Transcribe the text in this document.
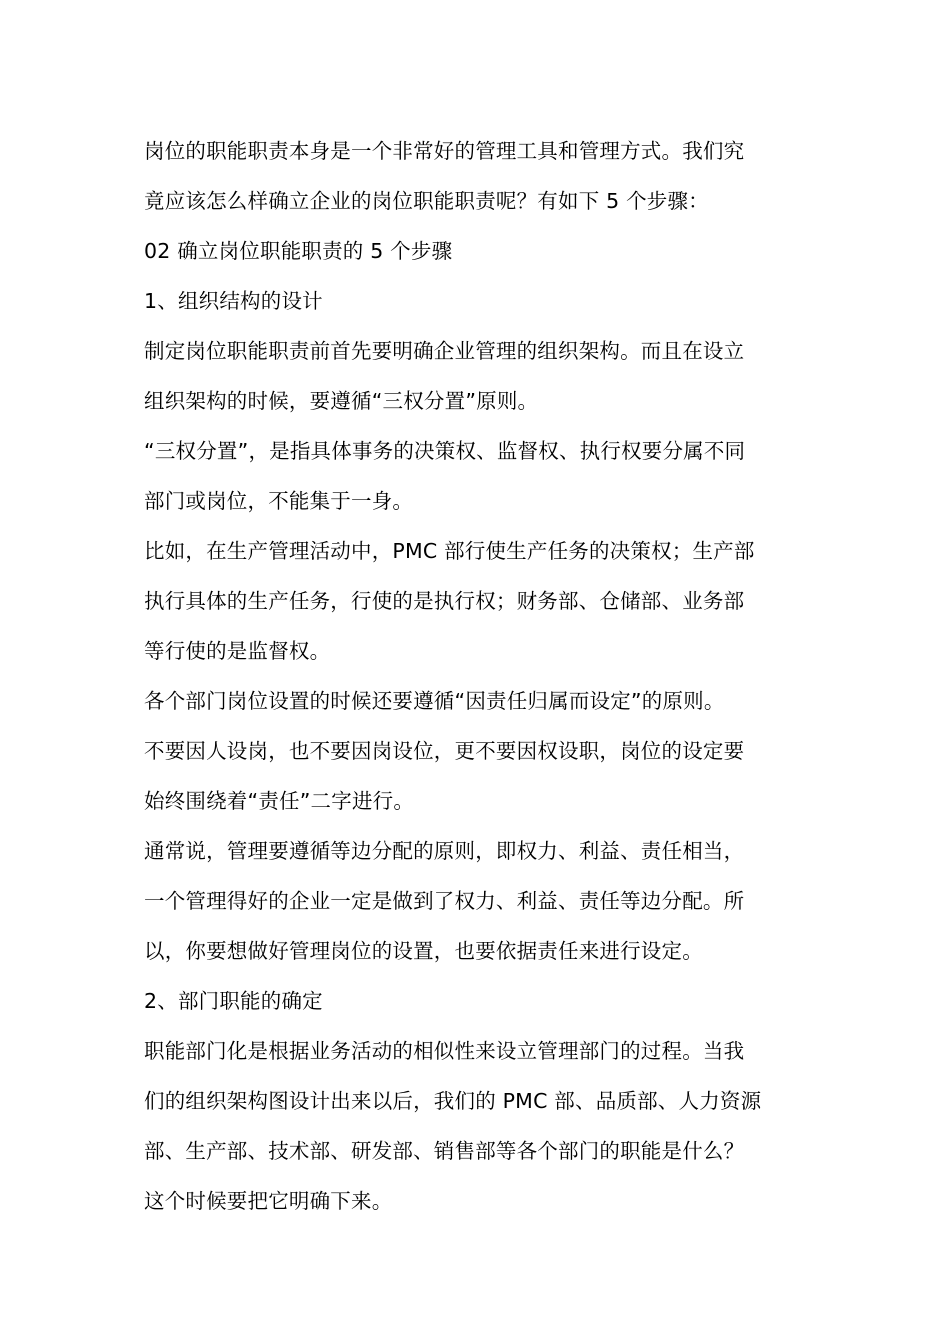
岗位的职能职责本身是一个非常好的管理工具和管理方式。我们究
竟应该怎么样确立企业的岗位职能职责呢？有如下 5 个步骤：
02 确立岗位职能职责的 5 个步骤
1、组织结构的设计
制定岗位职能职责前首先要明确企业管理的组织架构。而且在设立
组织架构的时候，要遵循“三权分置”原则。
“三权分置”，是指具体事务的决策权、监督权、执行权要分属不同
部门或岗位，不能集于一身。
比如，在生产管理活动中，PMC 部行使生产任务的决策权；生产部
执行具体的生产任务，行使的是执行权；财务部、仓储部、业务部
等行使的是监督权。
各个部门岗位设置的时候还要遵循“因责任归属而设定”的原则。
不要因人设岗，也不要因岗设位，更不要因权设职，岗位的设定要
始终围绕着“责任”二字进行。
通常说，管理要遵循等边分配的原则，即权力、利益、责任相当，
一个管理得好的企业一定是做到了权力、利益、责任等边分配。所
以，你要想做好管理岗位的设置，也要依据责任来进行设定。
2、部门职能的确定
职能部门化是根据业务活动的相似性来设立管理部门的过程。当我
们的组织架构图设计出来以后，我们的 PMC 部、品质部、人力资源
部、生产部、技术部、研发部、销售部等各个部门的职能是什么？
这个时候要把它明确下来。
